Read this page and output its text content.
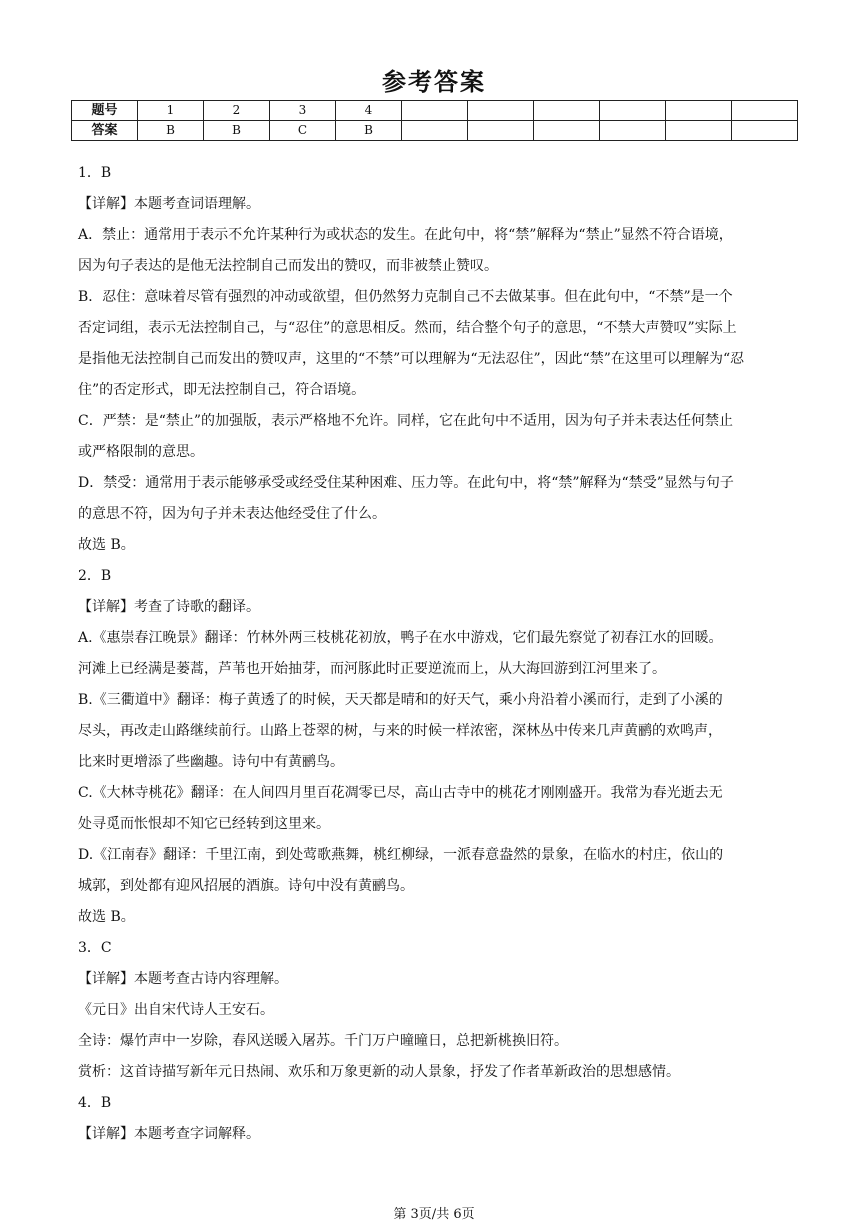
参考答案
题号	1	2	3	4						
答案	B	B	C	B						

1．B

【详解】本题考查词语理解。

A．禁止：通常用于表示不允许某种行为或状态的发生。在此句中，将“禁”解释为“禁止”显然不符合语境，

因为句子表达的是他无法控制自己而发出的赞叹，而非被禁止赞叹。

B．忍住：意味着尽管有强烈的冲动或欲望，但仍然努力克制自己不去做某事。但在此句中，“不禁”是一个

否定词组，表示无法控制自己，与“忍住”的意思相反。然而，结合整个句子的意思，“不禁大声赞叹”实际上

是指他无法控制自己而发出的赞叹声，这里的“不禁”可以理解为“无法忍住”，因此“禁”在这里可以理解为“忍

住”的否定形式，即无法控制自己，符合语境。

C．严禁：是“禁止”的加强版，表示严格地不允许。同样，它在此句中不适用，因为句子并未表达任何禁止

或严格限制的意思。

D．禁受：通常用于表示能够承受或经受住某种困难、压力等。在此句中，将“禁”解释为“禁受”显然与句子

的意思不符，因为句子并未表达他经受住了什么。

故选 B。

2．B

【详解】考查了诗歌的翻译。

A.《惠崇春江晚景》翻译：竹林外两三枝桃花初放，鸭子在水中游戏，它们最先察觉了初春江水的回暖。

河滩上已经满是蒌蒿，芦苇也开始抽芽，而河豚此时正要逆流而上，从大海回游到江河里来了。

B.《三衢道中》翻译：梅子黄透了的时候，天天都是晴和的好天气，乘小舟沿着小溪而行，走到了小溪的

尽头，再改走山路继续前行。山路上苍翠的树，与来的时候一样浓密，深林丛中传来几声黄鹂的欢鸣声，

比来时更增添了些幽趣。诗句中有黄鹂鸟。

C.《大林寺桃花》翻译：在人间四月里百花凋零已尽，高山古寺中的桃花才刚刚盛开。我常为春光逝去无

处寻觅而怅恨却不知它已经转到这里来。

D.《江南春》翻译：千里江南，到处莺歌燕舞，桃红柳绿，一派春意盎然的景象，在临水的村庄，依山的

城郭，到处都有迎风招展的酒旗。诗句中没有黄鹂鸟。

故选 B。

3．C

【详解】本题考查古诗内容理解。

《元日》出自宋代诗人王安石。

全诗：爆竹声中一岁除，春风送暖入屠苏。千门万户曈曈日，总把新桃换旧符。

赏析：这首诗描写新年元日热闹、欢乐和万象更新的动人景象，抒发了作者革新政治的思想感情。

4．B

【详解】本题考查字词解释。

第 3页/共 6页
